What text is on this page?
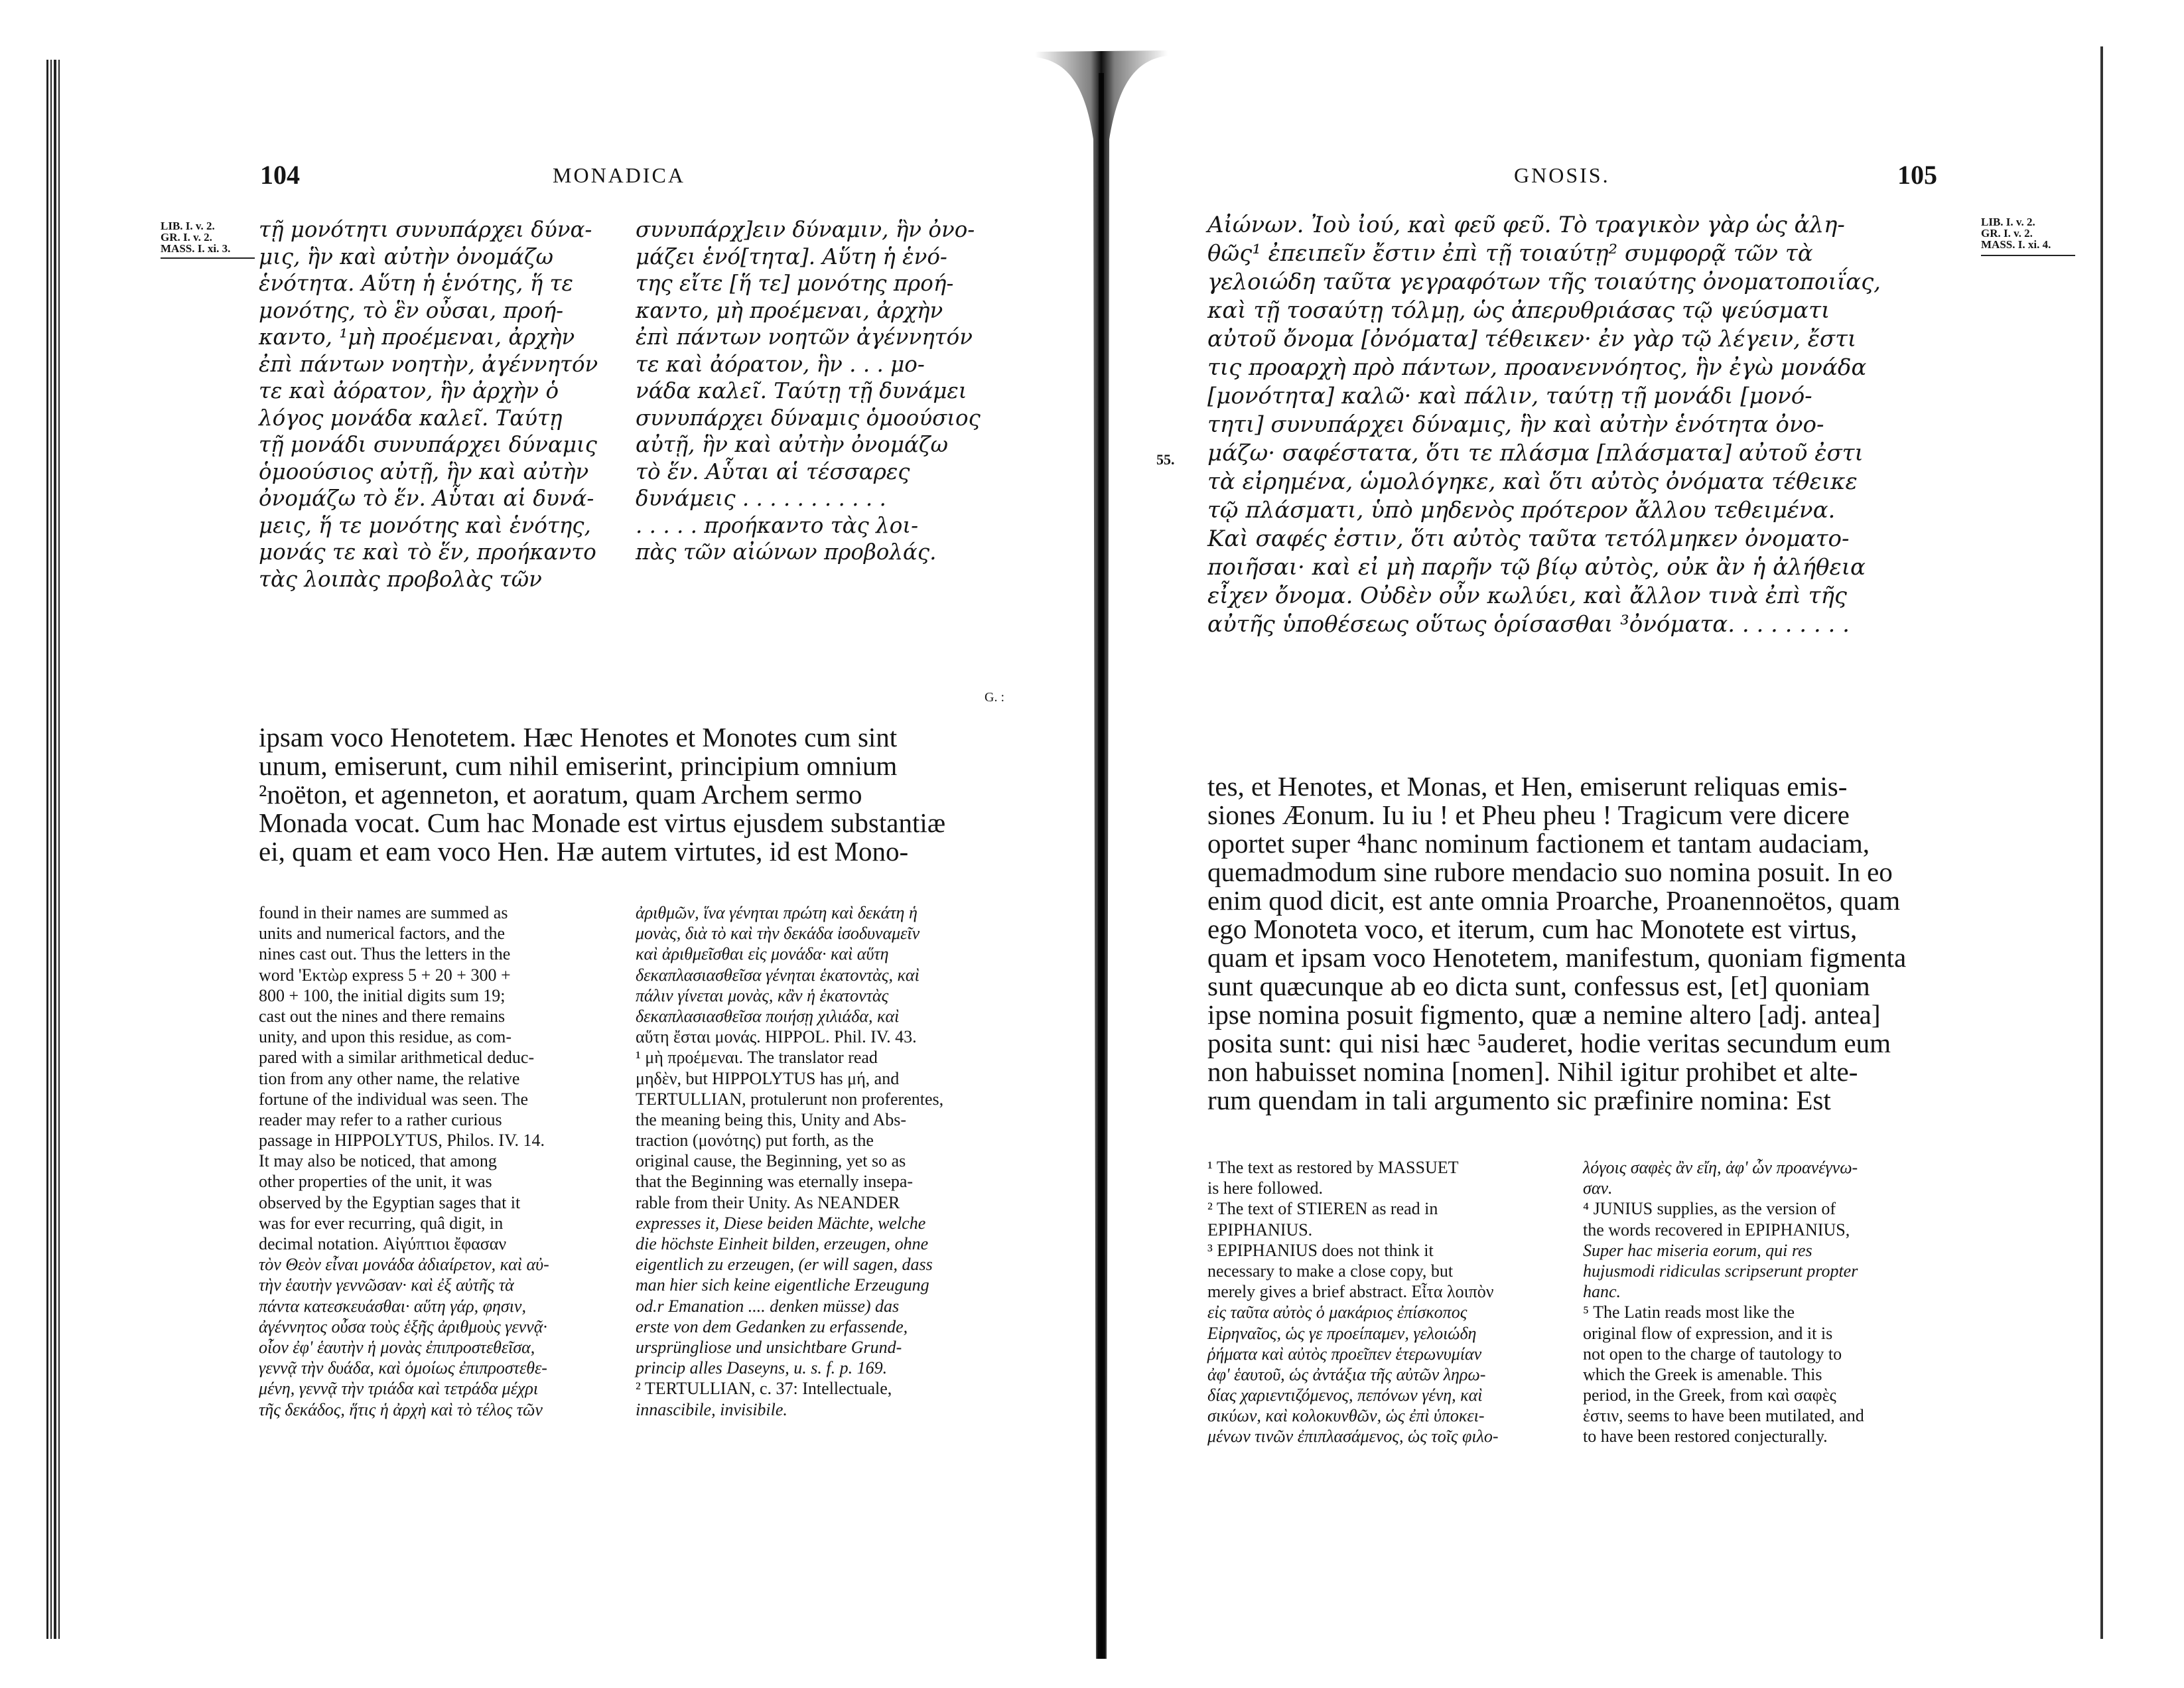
104	MONADICA
LIB. I. v. 2.
GR. I. v. 2.
MASS. I. xi. 3.
τῇ μονότητι συνυπάρχει δύνα-
μις, ἣν καὶ αὐτὴν ὀνομάζω
ἑνότητα. Αὕτη ἡ ἑνότης, ἥ τε
μονότης, τὸ ἓν οὖσαι, προή-
καντο, ¹μὴ προέμεναι, ἀρχὴν
ἐπὶ πάντων νοητὴν, ἀγέννητόν
τε καὶ ἀόρατον, ἣν ἀρχὴν ὁ
λόγος μονάδα καλεῖ. Ταύτῃ
τῇ μονάδι συνυπάρχει δύναμις
ὁμοούσιος αὐτῇ, ἣν καὶ αὐτὴν
ὀνομάζω τὸ ἕν. Αὗται αἱ δυνά-
μεις, ἥ τε μονότης καὶ ἑνότης,
μονάς τε καὶ τὸ ἕν, προήκαντο
τὰς λοιπὰς προβολὰς τῶν
συνυπάρχ]ειν δύναμιν, ἣν ὀνο-
μάζει ἑνό[τητα]. Αὕτη ἡ ἑνό-
της εἴτε [ἥ τε] μονότης προή-
καντο, μὴ προέμεναι, ἀρχὴν
ἐπὶ πάντων νοητῶν ἀγέννητόν
τε καὶ ἀόρατον, ἣν . . . μο-
νάδα καλεῖ. Ταύτῃ τῇ δυνάμει
συνυπάρχει δύναμις ὁμοούσιος
αὐτῇ, ἣν καὶ αὐτὴν ὀνομάζω
τὸ ἕν. Αὗται αἱ τέσσαρες
δυνάμεις . . . . . . . . . . .
. . . . . προήκαντο τὰς λοι-
πὰς τῶν αἰώνων προβολάς.
G. :
ipsam voco Henotetem. Hæc Henotes et Monotes cum sint
unum, emiserunt, cum nihil emiserint, principium omnium
²noëton, et agenneton, et aoratum, quam Archem sermo
Monada vocat. Cum hac Monade est virtus ejusdem substantiæ
ei, quam et eam voco Hen. Hæ autem virtutes, id est Mono-
found in their names are summed as
units and numerical factors, and the
nines cast out. Thus the letters in the
word 'Εκτὼρ express 5 + 20 + 300 +
800 + 100, the initial digits sum 19;
cast out the nines and there remains
unity, and upon this residue, as com-
pared with a similar arithmetical deduc-
tion from any other name, the relative
fortune of the individual was seen. The
reader may refer to a rather curious
passage in HIPPOLYTUS, Philos. IV. 14.
It may also be noticed, that among
other properties of the unit, it was
observed by the Egyptian sages that it
was for ever recurring, quâ digit, in
decimal notation. Αἰγύπτιοι ἔφασαν
τὸν Θεὸν εἶναι μονάδα ἀδιαίρετον, καὶ αὐ-
τὴν ἑαυτὴν γεννῶσαν· καὶ ἐξ αὐτῆς τὰ
πάντα κατεσκευάσθαι· αὕτη γάρ, φησιν,
ἀγέννητος οὖσα τοὺς ἑξῆς ἀριθμοὺς γεννᾷ·
οἷον ἐφ' ἑαυτὴν ἡ μονὰς ἐπιπροστεθεῖσα,
γεννᾷ τὴν δυάδα, καὶ ὁμοίως ἐπιπροστεθε-
μένη, γεννᾷ τὴν τριάδα καὶ τετράδα μέχρι
τῆς δεκάδος, ἥτις ἡ ἀρχὴ καὶ τὸ τέλος τῶν
ἀριθμῶν, ἵνα γένηται πρώτη καὶ δεκάτη ἡ
μονὰς, διὰ τὸ καὶ τὴν δεκάδα ἰσοδυναμεῖν
καὶ ἀριθμεῖσθαι εἰς μονάδα· καὶ αὕτη
δεκαπλασιασθεῖσα γένηται ἑκατοντὰς, καὶ
πάλιν γίνεται μονὰς, κἂν ἡ ἑκατοντὰς
δεκαπλασιασθεῖσα ποιήσῃ χιλιάδα, καὶ
αὕτη ἔσται μονάς. HIPPOL. Phil. IV. 43.
¹ μὴ προέμεναι. The translator read
μηδὲν, but HIPPOLYTUS has μή, and
TERTULLIAN, protulerunt non proferentes,
the meaning being this, Unity and Abs-
traction (μονότης) put forth, as the
original cause, the Beginning, yet so as
that the Beginning was eternally insepa-
rable from their Unity. As NEANDER
expresses it, Diese beiden Mächte, welche
die höchste Einheit bilden, erzeugen, ohne
eigentlich zu erzeugen, (er will sagen, dass
man hier sich keine eigentliche Erzeugung
od.r Emanation .... denken müsse) das
erste von dem Gedanken zu erfassende,
ursprüngliose und unsichtbare Grund-
princip alles Daseyns, u. s. f. p. 169.
² TERTULLIAN, c. 37: Intellectuale,
innascibile, invisibile.
GNOSIS.	105
LIB. I. v. 2.
GR. I. v. 2.
MASS. I. xi. 4.
55.
Αἰώνων. Ἰοὺ ἰού, καὶ φεῦ φεῦ. Τὸ τραγικὸν γὰρ ὡς ἀλη-
θῶς¹ ἐπειπεῖν ἔστιν ἐπὶ τῇ τοιαύτῃ² συμφορᾷ τῶν τὰ
γελοιώδη ταῦτα γεγραφότων τῆς τοιαύτης ὀνοματοποιΐας,
καὶ τῇ τοσαύτῃ τόλμῃ, ὡς ἀπερυθριάσας τῷ ψεύσματι
αὐτοῦ ὄνομα [ὀνόματα] τέθεικεν· ἐν γὰρ τῷ λέγειν, ἔστι
τις προαρχὴ πρὸ πάντων, προανεννόητος, ἣν ἐγὼ μονάδα
[μονότητα] καλῶ· καὶ πάλιν, ταύτῃ τῇ μονάδι [μονό-
τητι] συνυπάρχει δύναμις, ἣν καὶ αὐτὴν ἑνότητα ὀνο-
μάζω· σαφέστατα, ὅτι τε πλάσμα [πλάσματα] αὐτοῦ ἐστι
τὰ εἰρημένα, ὡμολόγηκε, καὶ ὅτι αὐτὸς ὀνόματα τέθεικε
τῷ πλάσματι, ὑπὸ μηδενὸς πρότερον ἄλλου τεθειμένα.
Καὶ σαφές ἐστιν, ὅτι αὐτὸς ταῦτα τετόλμηκεν ὀνοματο-
ποιῆσαι· καὶ εἰ μὴ παρῆν τῷ βίῳ αὐτὸς, οὐκ ἂν ἡ ἀλήθεια
εἶχεν ὄνομα. Οὐδὲν οὖν κωλύει, καὶ ἄλλον τινὰ ἐπὶ τῆς
αὐτῆς ὑποθέσεως οὕτως ὁρίσασθαι ³ὀνόματα. . . . . . . . .
tes, et Henotes, et Monas, et Hen, emiserunt reliquas emis-
siones Æonum. Iu iu ! et Pheu pheu ! Tragicum vere dicere
oportet super ⁴hanc nominum factionem et tantam audaciam,
quemadmodum sine rubore mendacio suo nomina posuit. In eo
enim quod dicit, est ante omnia Proarche, Proanennoëtos, quam
ego Monoteta voco, et iterum, cum hac Monotete est virtus,
quam et ipsam voco Henotetem, manifestum, quoniam figmenta
sunt quæcunque ab eo dicta sunt, confessus est, [et] quoniam
ipse nomina posuit figmento, quæ a nemine altero [adj. antea]
posita sunt: qui nisi hæc ⁵auderet, hodie veritas secundum eum
non habuisset nomina [nomen]. Nihil igitur prohibet et alte-
rum quendam in tali argumento sic præfinire nomina: Est
¹ The text as restored by MASSUET
is here followed.
² The text of STIEREN as read in
EPIPHANIUS.
³ EPIPHANIUS does not think it
necessary to make a close copy, but
merely gives a brief abstract. Εἶτα λοιπὸν
εἰς ταῦτα αὐτὸς ὁ μακάριος ἐπίσκοπος
Εἰρηναῖος, ὡς γε προείπαμεν, γελοιώδη
ῥήματα καὶ αὐτὸς προεῖπεν ἑτερωνυμίαν
ἀφ' ἑαυτοῦ, ὡς ἀντάξια τῆς αὐτῶν ληρω-
δίας χαριεντιζόμενος, πεπόνων γένη, καὶ
σικύων, καὶ κολοκυνθῶν, ὡς ἐπὶ ὑποκει-
μένων τινῶν ἐπιπλασάμενος, ὡς τοῖς φιλο-
λόγοις σαφὲς ἂν εἴη, ἀφ' ὧν προανέγνω-
σαν.
⁴ JUNIUS supplies, as the version of
the words recovered in EPIPHANIUS,
Super hac miseria eorum, qui res
hujusmodi ridiculas scripserunt propter
hanc.
⁵ The Latin reads most like the
original flow of expression, and it is
not open to the charge of tautology to
which the Greek is amenable. This
period, in the Greek, from καὶ σαφὲς
ἐστιν, seems to have been mutilated, and
to have been restored conjecturally.
